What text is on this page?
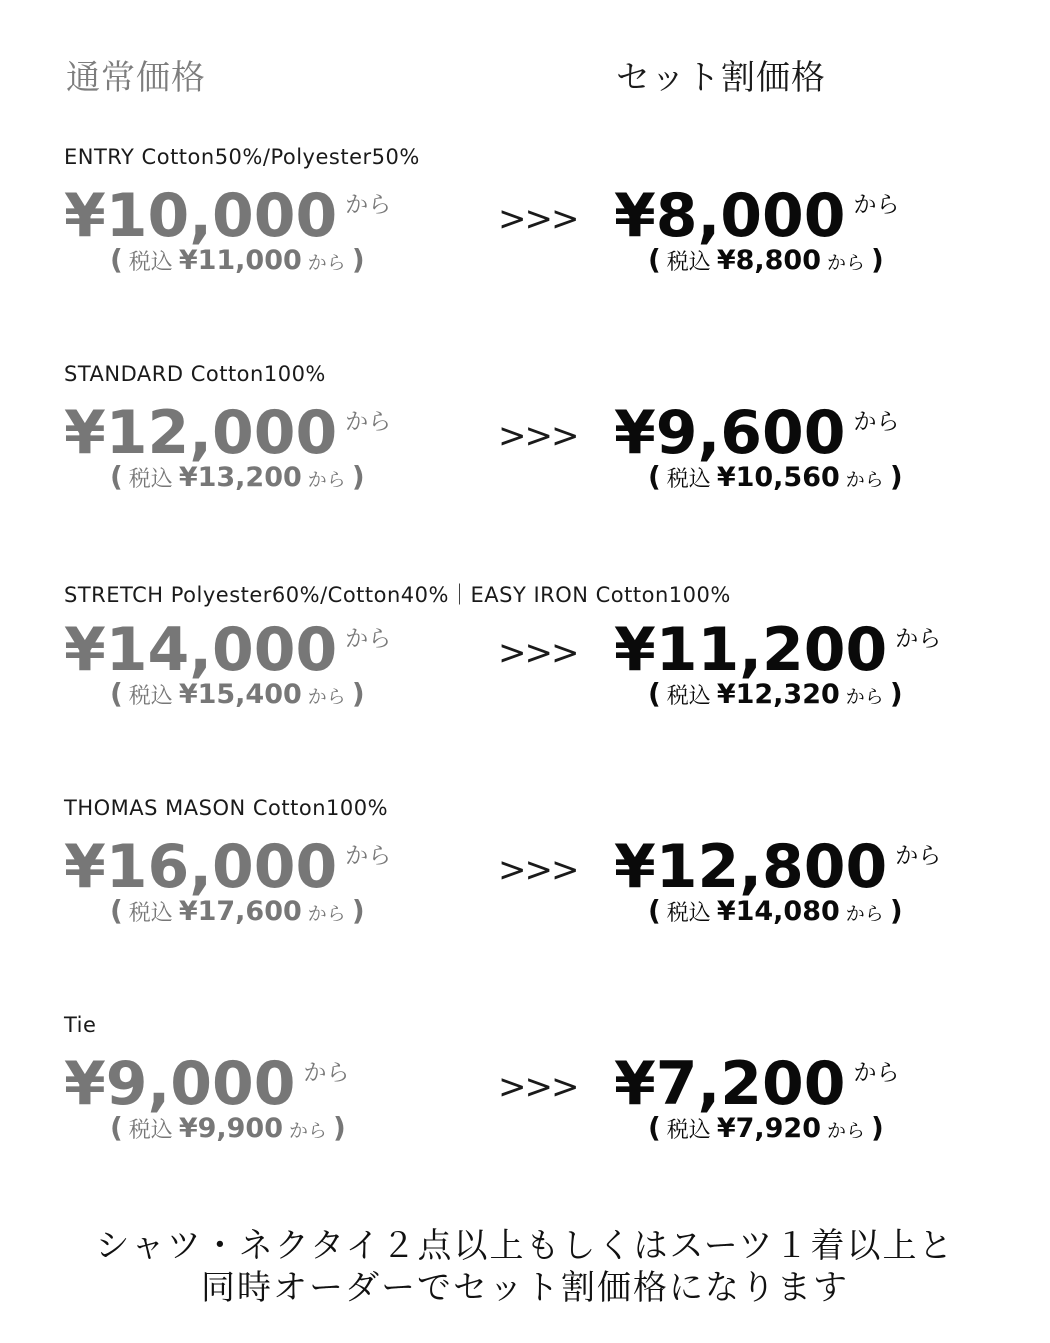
通常価格	セット割価格
ENTRY Cotton50%/Polyester50%
¥10,000 から
( 税込 ¥11,000 から )
>>> ¥8,000 から
( 税込 ¥8,800 から )
STANDARD Cotton100%
¥12,000 から
( 税込 ¥13,200 から )
>>> ¥9,600 から
( 税込 ¥10,560 から )
STRETCH Polyester60%/Cotton40%｜EASY IRON Cotton100%
¥14,000 から
( 税込 ¥15,400 から )
>>> ¥11,200 から
( 税込 ¥12,320 から )
THOMAS MASON Cotton100%
¥16,000 から
( 税込 ¥17,600 から )
>>> ¥12,800 から
( 税込 ¥14,080 から )
Tie
¥9,000 から
( 税込 ¥9,900 から )
>>> ¥7,200 から
( 税込 ¥7,920 から )
シャツ・ネクタイ２点以上もしくはスーツ１着以上と
同時オーダーでセット割価格になります
